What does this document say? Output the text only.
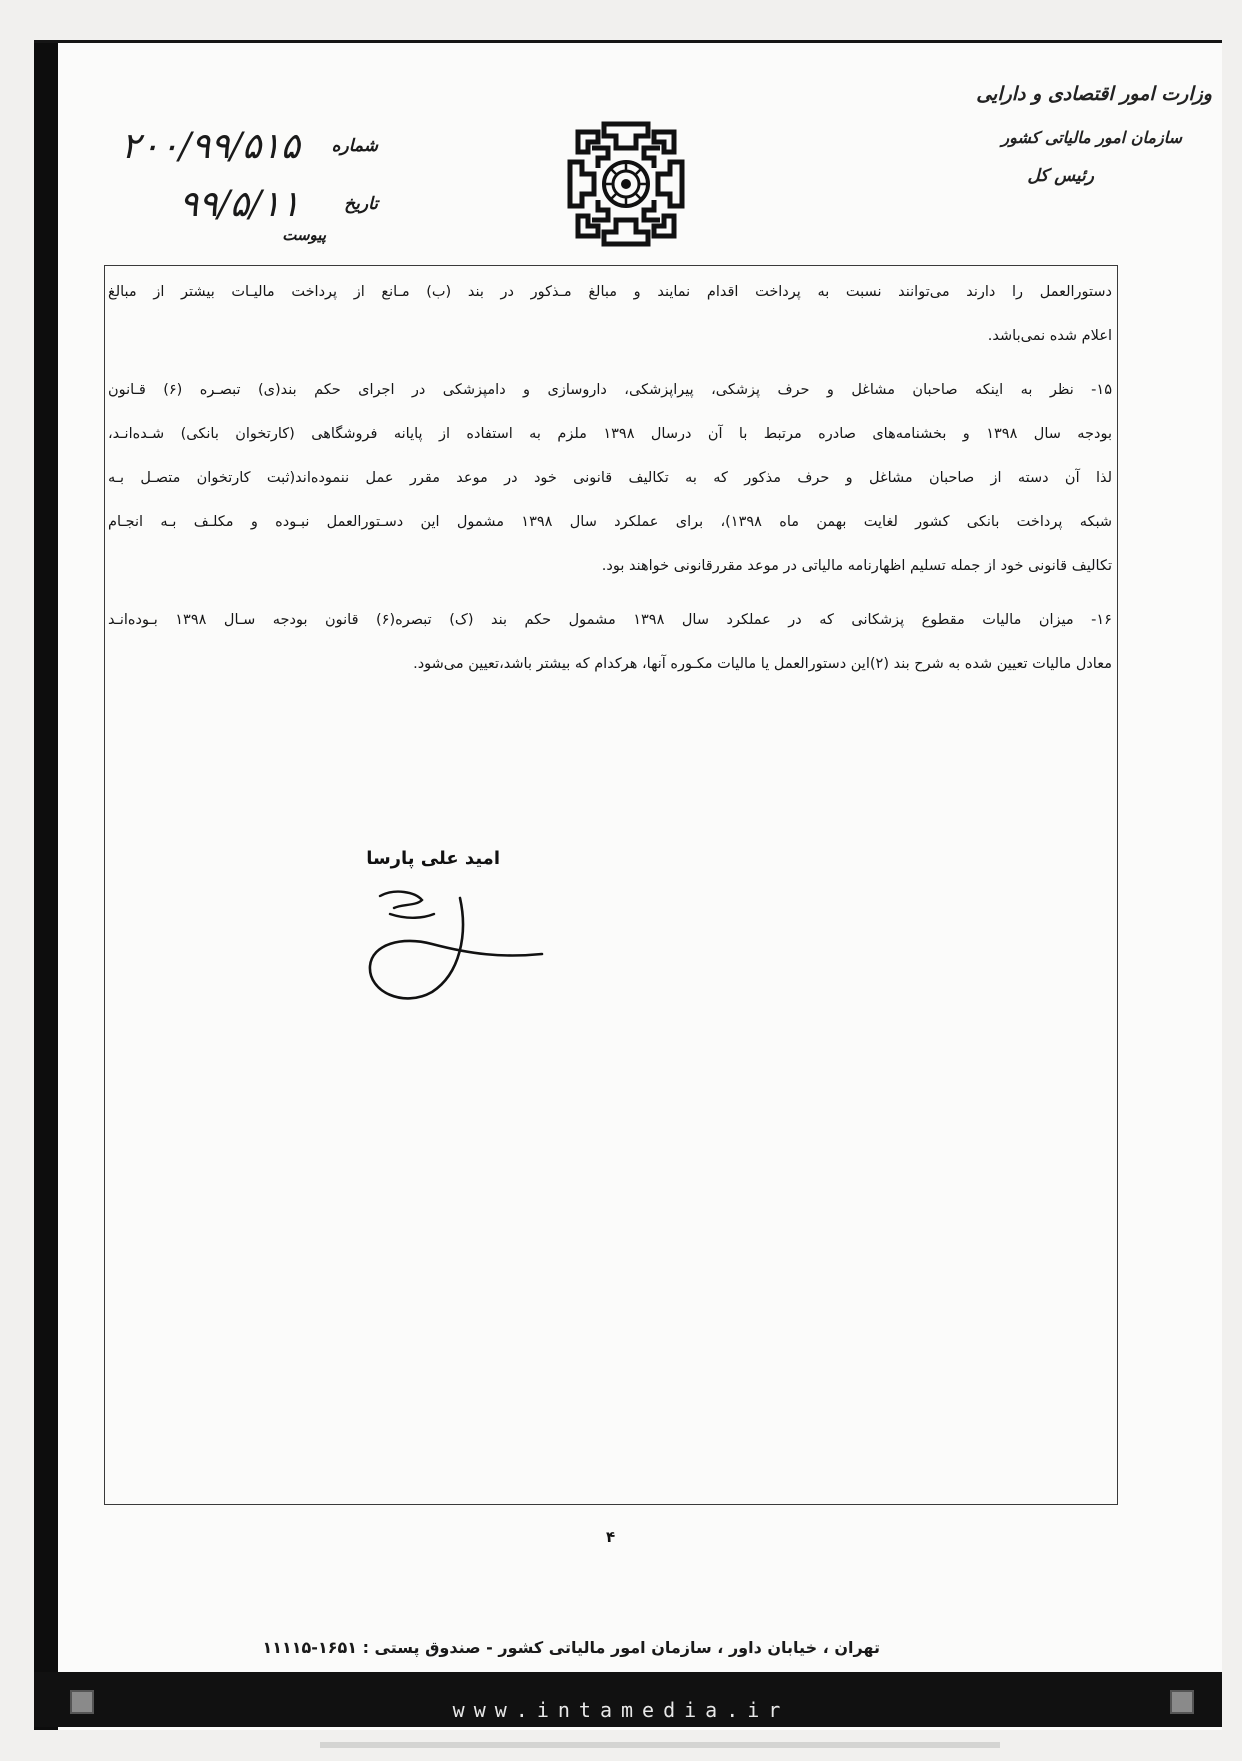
وزارت امور اقتصادی و دارایی
سازمان امور مالیاتی کشور
رئیس کل
شماره
۲۰۰/۹۹/۵۱۵
تاریخ
۹۹/۵/۱۱
پیوست
دستورالعمل را دارند می‌توانند نسبت به پرداخت اقدام نمایند و مبالغ مـذکور در بند (ب) مـانع از پرداخت مالیـات بیشتر از مبالغ
اعلام شده نمی‌باشد.
۱۵- نظر به اینکه صاحبان مشاغل و حرف پزشکی، پیراپزشکی، داروسازی و دامپزشکی در اجرای حکم بند(ی) تبصـره (۶) قـانون
بودجه سال ۱۳۹۸ و بخشنامه‌های صادره مرتبط با آن درسال ۱۳۹۸ ملزم به استفاده از پایانه فروشگاهی (کارتخوان بانکی) شـده‌انـد،
لذا آن دسته از صاحبان مشاغل و حرف مذکور که به تکالیف قانونی خود در موعد مقرر عمل ننموده‌اند(ثبت کارتخوان متصـل بـه
شبکه پرداخت بانکی کشور لغایت بهمن ماه ۱۳۹۸)، برای عملکرد سال ۱۳۹۸ مشمول این دسـتورالعمل نبـوده و مکلـف بـه انجـام
تکالیف قانونی خود از جمله تسلیم اظهارنامه مالیاتی در موعد مقررقانونی خواهند بود.
۱۶- میزان مالیات مقطوع پزشکانی که در عملکرد سال ۱۳۹۸ مشمول حکم بند (ک) تبصره(۶) قانون بودجه سـال ۱۳۹۸ بـوده‌انـد
معادل مالیات تعیین شده به شرح بند (۲)این دستورالعمل یا مالیات مکـوره آنها، هرکدام که بیشتر باشد،تعیین می‌شود.
امید علی پارسا
۴
تهران ، خیابان داور ، سازمان امور مالیاتی کشور - صندوق پستی : ۱۶۵۱-۱۱۱۱۵
www.intamedia.ir
